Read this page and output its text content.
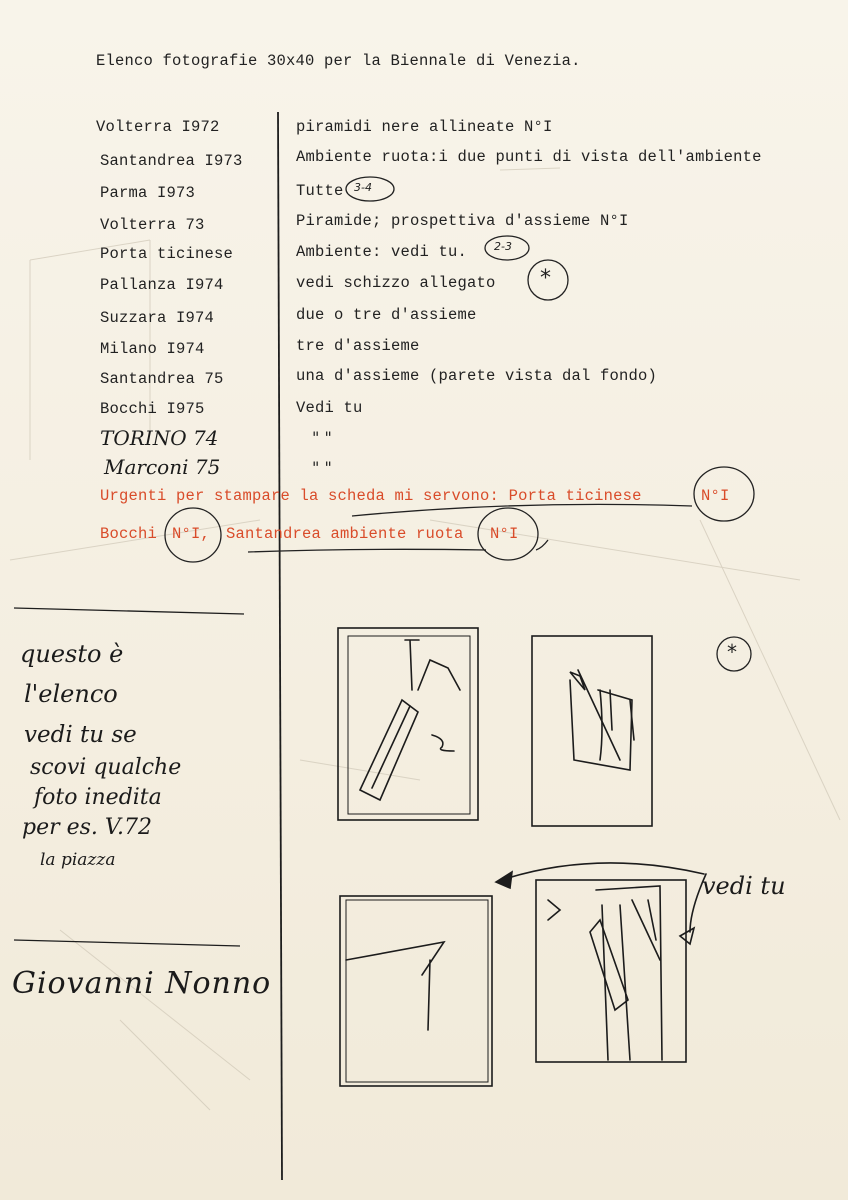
Elenco fotografie 30x40 per la Biennale di Venezia.
Volterra I972
Santandrea I973
Parma I973
Volterra 73
Porta ticinese
Pallanza I974
Suzzara I974
Milano I974
Santandrea 75
Bocchi I975
piramidi nere allineate N°I
Ambiente ruota:i due punti di vista dell'ambiente
Tutte
Piramide; prospettiva d'assieme N°I
Ambiente: vedi tu.
vedi schizzo allegato
due o tre d'assieme
tre d'assieme
una d'assieme (parete vista dal fondo)
Vedi tu
TORINO 74
Marconi 75
" "
" "
3-4
2-3
*
Urgenti per stampare la scheda mi servono: Porta ticinese	N°I
Bocchi N°I, Santandrea ambiente ruota N°I
questo è
l'elenco
vedi tu se
scovi qualche
foto inedita
per es. V.72
la piazza
Giovanni Nonno
vedi tu
*
